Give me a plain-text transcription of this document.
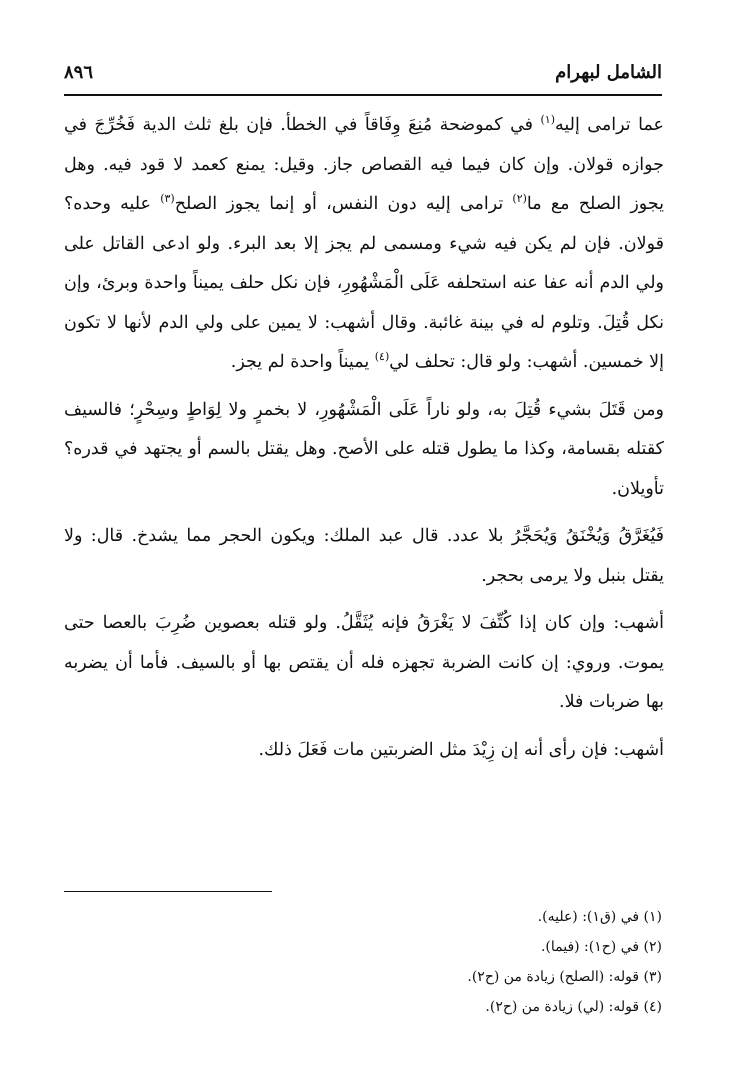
الشامل لبهرام
٨٩٦

عما ترامى إليه$^{(١)}$ في كموضحة مُنِعَ وِفَاقاً في الخطأ. فإن بلغ ثلث الدية فَخُرِّجَ في جوازه قولان. وإن كان فيما فيه القصاص جاز. وقيل: يمنع كعمد لا قود فيه. وهل يجوز الصلح مع ما$^{(٢)}$ ترامى إليه دون النفس، أو إنما يجوز الصلح$^{(٣)}$ عليه وحده؟ قولان. فإن لم يكن فيه شيء ومسمى لم يجز إلا بعد البرء. ولو ادعى القاتل على ولي الدم أنه عفا عنه استحلفه عَلَى الْمَشْهُورِ، فإن نكل حلف يميناً واحدة وبرئ، وإن نكل قُتِلَ. وتلوم له في بينة غائبة. وقال أشهب: لا يمين على ولي الدم لأنها لا تكون إلا خمسين. أشهب: ولو قال: تحلف لي$^{(٤)}$ يميناً واحدة لم يجز.

ومن قَتَلَ بشيء قُتِلَ به، ولو ناراً عَلَى الْمَشْهُورِ، لا بخمرٍ ولا لِوَاطٍ وسِحْرٍ؛ فالسيف كقتله بقسامة، وكذا ما يطول قتله على الأصح. وهل يقتل بالسم أو يجتهد في قدره؟ تأويلان.

فَيُغَرَّقُ وَيُخْنَقُ وَيُحَجَّرُ بلا عدد. قال عبد الملك: ويكون الحجر مما يشدخ. قال: ولا يقتل بنبل ولا يرمى بحجر.

أشهب: وإن كان إذا كُتِّفَ لا يَغْرَقُ فإنه يُثَقَّلُ. ولو قتله بعصوين ضُرِبَ بالعصا حتى يموت. وروي: إن كانت الضربة تجهزه فله أن يقتص بها أو بالسيف. فأما أن يضربه بها ضربات فلا.

أشهب: فإن رأى أنه إن زِيْدَ مثل الضربتين مات فَعَلَ ذلك.

(١) في (ق١): (عليه).
(٢) في (ح١): (فيما).
(٣) قوله: (الصلح) زيادة من (ح٢).
(٤) قوله: (لي) زيادة من (ح٢).
